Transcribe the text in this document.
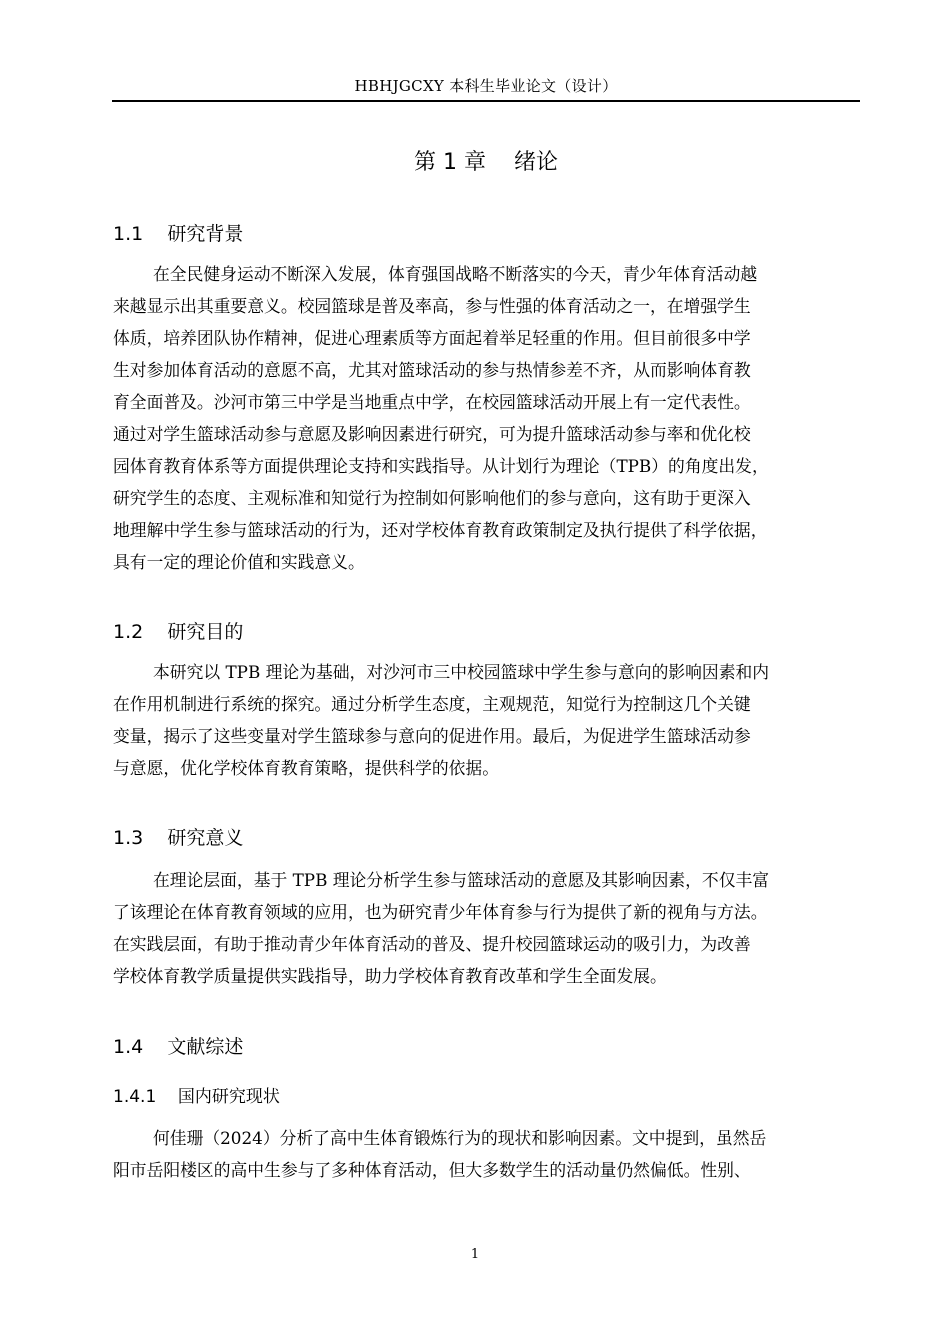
HBHJGCXY 本科生毕业论文（设计）
第 1 章    绪论
1.1    研究背景
在全民健身运动不断深入发展，体育强国战略不断落实的今天，青少年体育活动越
来越显示出其重要意义。校园篮球是普及率高，参与性强的体育活动之一，在增强学生
体质，培养团队协作精神，促进心理素质等方面起着举足轻重的作用。但目前很多中学
生对参加体育活动的意愿不高，尤其对篮球活动的参与热情参差不齐，从而影响体育教
育全面普及。沙河市第三中学是当地重点中学，在校园篮球活动开展上有一定代表性。
通过对学生篮球活动参与意愿及影响因素进行研究，可为提升篮球活动参与率和优化校
园体育教育体系等方面提供理论支持和实践指导。从计划行为理论（TPB）的角度出发，
研究学生的态度、主观标准和知觉行为控制如何影响他们的参与意向，这有助于更深入
地理解中学生参与篮球活动的行为，还对学校体育教育政策制定及执行提供了科学依据，
具有一定的理论价值和实践意义。
1.2    研究目的
本研究以 TPB 理论为基础，对沙河市三中校园篮球中学生参与意向的影响因素和内
在作用机制进行系统的探究。通过分析学生态度，主观规范，知觉行为控制这几个关键
变量，揭示了这些变量对学生篮球参与意向的促进作用。最后，为促进学生篮球活动参
与意愿，优化学校体育教育策略，提供科学的依据。
1.3    研究意义
在理论层面，基于 TPB 理论分析学生参与篮球活动的意愿及其影响因素，不仅丰富
了该理论在体育教育领域的应用，也为研究青少年体育参与行为提供了新的视角与方法。
在实践层面，有助于推动青少年体育活动的普及、提升校园篮球运动的吸引力，为改善
学校体育教学质量提供实践指导，助力学校体育教育改革和学生全面发展。
1.4    文献综述
1.4.1    国内研究现状
何佳珊（2024）分析了高中生体育锻炼行为的现状和影响因素。文中提到，虽然岳
阳市岳阳楼区的高中生参与了多种体育活动，但大多数学生的活动量仍然偏低。性别、
1
